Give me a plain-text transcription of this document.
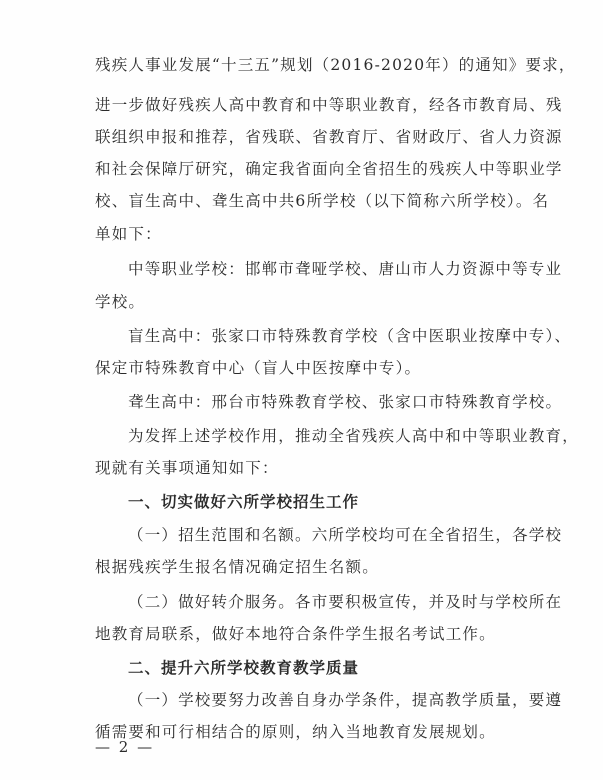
残疾人事业发展“十三五”规划（2016-2020年）的通知》要求，
进一步做好残疾人高中教育和中等职业教育，经各市教育局、残
联组织申报和推荐，省残联、省教育厅、省财政厅、省人力资源
和社会保障厅研究，确定我省面向全省招生的残疾人中等职业学
校、盲生高中、聋生高中共6所学校（以下简称六所学校）。名
单如下：
中等职业学校：邯郸市聋哑学校、唐山市人力资源中等专业
学校。
盲生高中：张家口市特殊教育学校（含中医职业按摩中专）、
保定市特殊教育中心（盲人中医按摩中专）。
聋生高中：邢台市特殊教育学校、张家口市特殊教育学校。
为发挥上述学校作用，推动全省残疾人高中和中等职业教育，
现就有关事项通知如下：
一、切实做好六所学校招生工作
（一）招生范围和名额。六所学校均可在全省招生，各学校
根据残疾学生报名情况确定招生名额。
（二）做好转介服务。各市要积极宣传，并及时与学校所在
地教育局联系，做好本地符合条件学生报名考试工作。
二、提升六所学校教育教学质量
（一）学校要努力改善自身办学条件，提高教学质量，要遵
循需要和可行相结合的原则，纳入当地教育发展规划。
— 2 —
